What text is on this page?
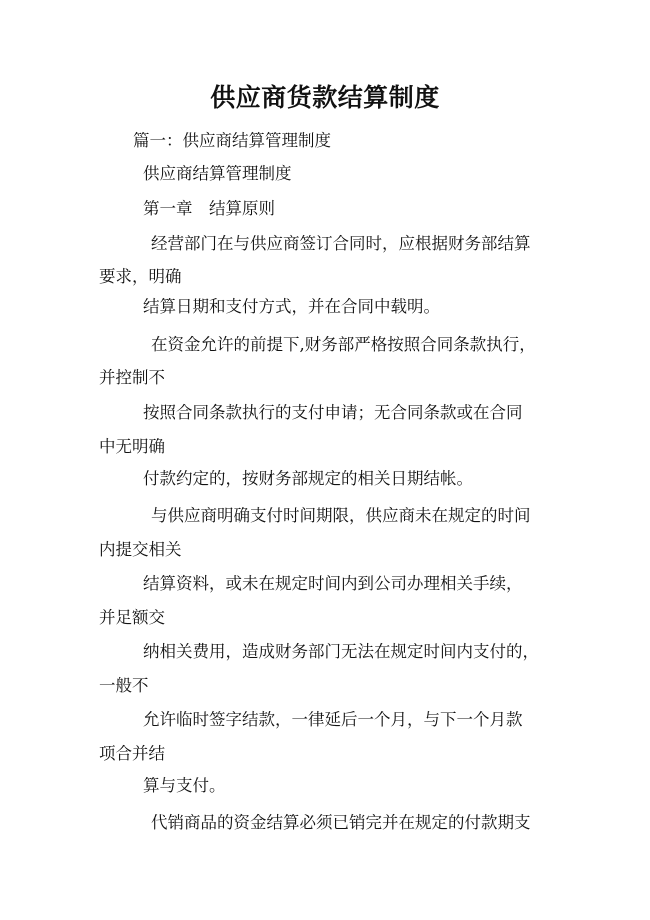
供应商货款结算制度
篇一：供应商结算管理制度
供应商结算管理制度
第一章　结算原则
经营部门在与供应商签订合同时，应根据财务部结算
要求，明确
结算日期和支付方式，并在合同中载明。
在资金允许的前提下,财务部严格按照合同条款执行，
并控制不
按照合同条款执行的支付申请；无合同条款或在合同
中无明确
付款约定的，按财务部规定的相关日期结帐。
与供应商明确支付时间期限，供应商未在规定的时间
内提交相关
结算资料，或未在规定时间内到公司办理相关手续，
并足额交
纳相关费用，造成财务部门无法在规定时间内支付的，
一般不
允许临时签字结款，一律延后一个月，与下一个月款
项合并结
算与支付。
代销商品的资金结算必须已销完并在规定的付款期支
